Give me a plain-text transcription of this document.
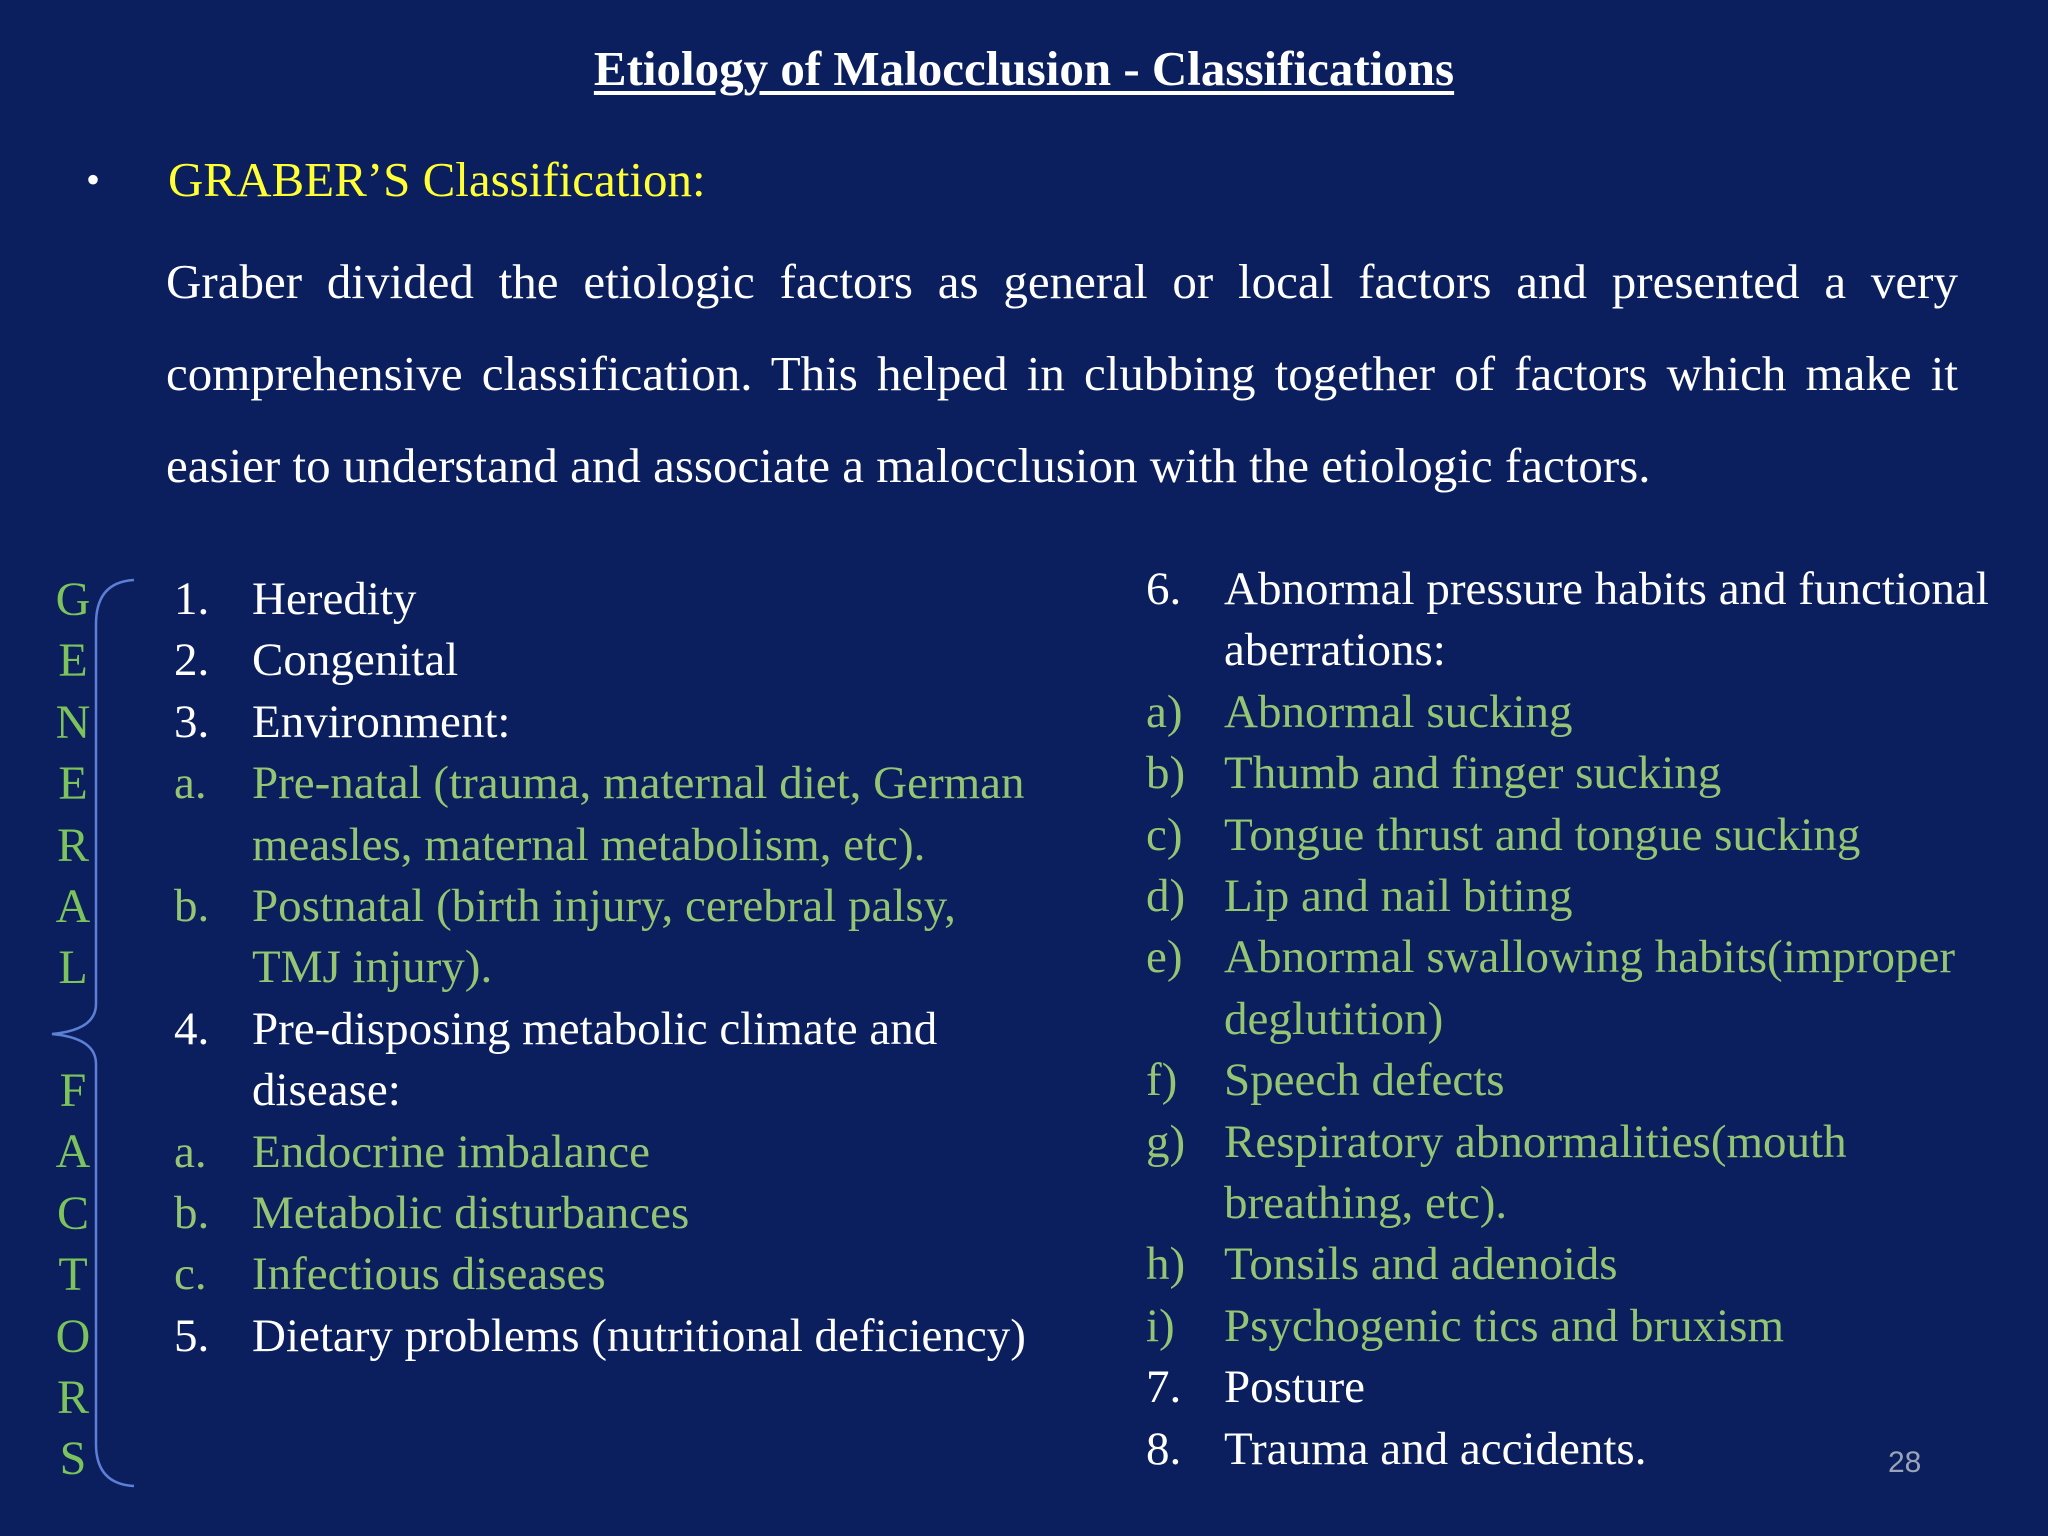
Etiology of Malocclusion - Classifications
•	GRABER’S Classification:
Graber divided the etiologic factors as general or local factors and presented a very comprehensive classification. This helped in clubbing together of factors which make it easier to understand and associate a malocclusion with the etiologic factors.
G
E
N
E
R
A
L
F
A
C
T
O
R
S
1. Heredity
2. Congenital
3. Environment:
a. Pre-natal (trauma, maternal diet, German measles, maternal metabolism, etc).
b. Postnatal (birth injury, cerebral palsy, TMJ injury).
4. Pre-disposing metabolic climate and disease:
a. Endocrine imbalance
b. Metabolic disturbances
c. Infectious diseases
5. Dietary problems (nutritional deficiency)
6. Abnormal pressure habits and functional aberrations:
a) Abnormal sucking
b) Thumb and finger sucking
c) Tongue thrust and tongue sucking
d) Lip and nail biting
e) Abnormal swallowing habits(improper deglutition)
f) Speech defects
g) Respiratory abnormalities(mouth breathing, etc).
h) Tonsils and adenoids
i)	Psychogenic tics and bruxism
7. Posture
8. Trauma and accidents.	28
